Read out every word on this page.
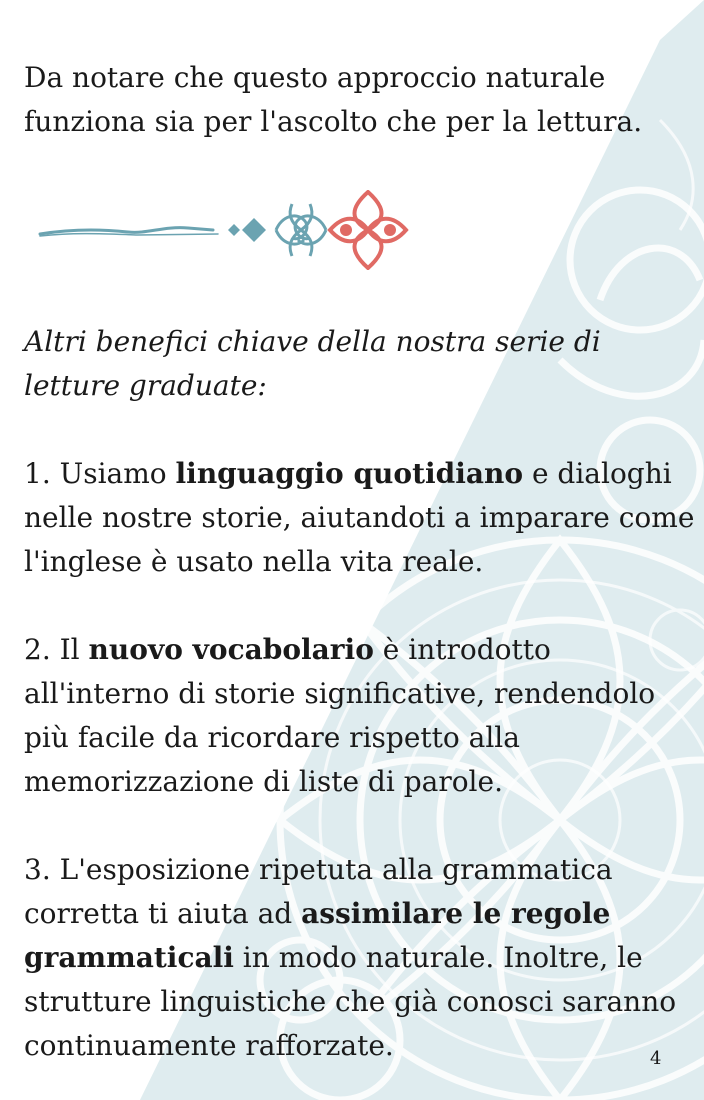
Da notare che questo approccio naturale funziona sia per l'ascolto che per la lettura.

Altri benefici chiave della nostra serie di letture graduate:

1. Usiamo linguaggio quotidiano e dialoghi nelle nostre storie, aiutandoti a imparare come l'inglese è usato nella vita reale.

2. Il nuovo vocabolario è introdotto all'interno di storie significative, rendendolo più facile da ricordare rispetto alla memorizzazione di liste di parole.

3. L'esposizione ripetuta alla grammatica corretta ti aiuta ad assimilare le regole grammaticali in modo naturale. Inoltre, le strutture linguistiche che già conosci saranno continuamente rafforzate.	4
